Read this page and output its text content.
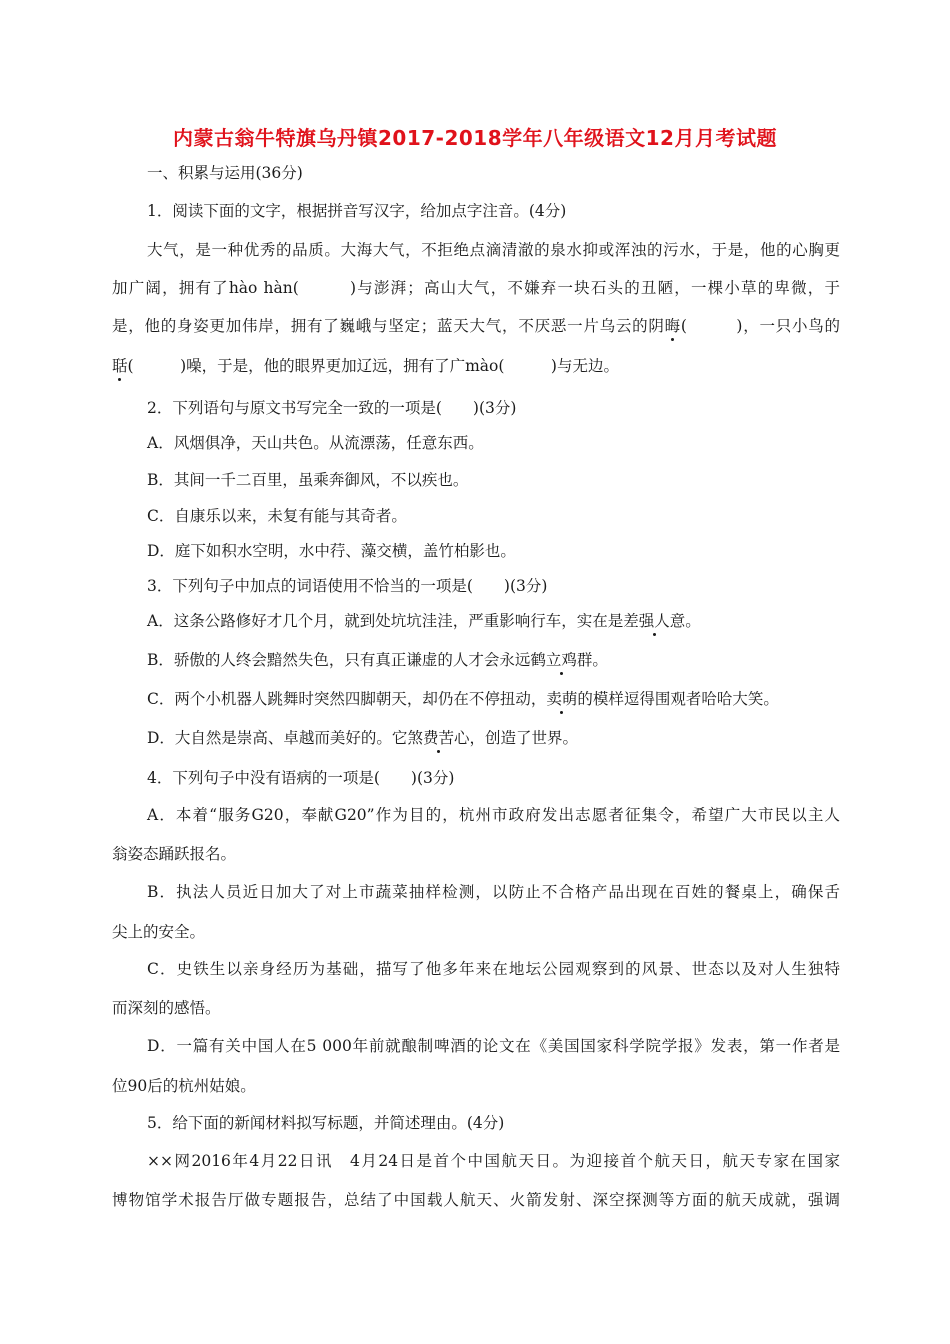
内蒙古翁牛特旗乌丹镇2017-2018学年八年级语文12月月考试题
一、积累与运用(36分)
1．阅读下面的文字，根据拼音写汉字，给加点字注音。(4分)
大气，是一种优秀的品质。大海大气，不拒绝点滴清澈的泉水抑或浑浊的污水，于是，他的心胸更
加广阔，拥有了hào hàn(　　　)与澎湃；高山大气，不嫌弃一块石头的丑陋，一棵小草的卑微，于
是，他的身姿更加伟岸，拥有了巍峨与坚定；蓝天大气，不厌恶一片乌云的阴晦(　　　)，一只小鸟的
聒(　　　)噪，于是，他的眼界更加辽远，拥有了广mào(　　　)与无边。
2．下列语句与原文书写完全一致的一项是(　　)(3分)
A．风烟俱净，天山共色。从流漂荡，任意东西。
B．其间一千二百里，虽乘奔御风，不以疾也。
C．自康乐以来，未复有能与其奇者。
D．庭下如积水空明，水中荇、藻交横，盖竹柏影也。
3．下列句子中加点的词语使用不恰当的一项是(　　)(3分)
A．这条公路修好才几个月，就到处坑坑洼洼，严重影响行车，实在是差强人意。
B．骄傲的人终会黯然失色，只有真正谦虚的人才会永远鹤立鸡群。
C．两个小机器人跳舞时突然四脚朝天，却仍在不停扭动，卖萌的模样逗得围观者哈哈大笑。
D．大自然是崇高、卓越而美好的。它煞费苦心，创造了世界。
4．下列句子中没有语病的一项是(　　)(3分)
A．本着“服务G20，奉献G20”作为目的，杭州市政府发出志愿者征集令，希望广大市民以主人
翁姿态踊跃报名。
B．执法人员近日加大了对上市蔬菜抽样检测，以防止不合格产品出现在百姓的餐桌上，确保舌
尖上的安全。
C．史铁生以亲身经历为基础，描写了他多年来在地坛公园观察到的风景、世态以及对人生独特
而深刻的感悟。
D．一篇有关中国人在5 000年前就酿制啤酒的论文在《美国国家科学院学报》发表，第一作者是
位90后的杭州姑娘。
5．给下面的新闻材料拟写标题，并简述理由。(4分)
××网2016年4月22日讯　4月24日是首个中国航天日。为迎接首个航天日，航天专家在国家
博物馆学术报告厅做专题报告，总结了中国载人航天、火箭发射、深空探测等方面的航天成就，强调
